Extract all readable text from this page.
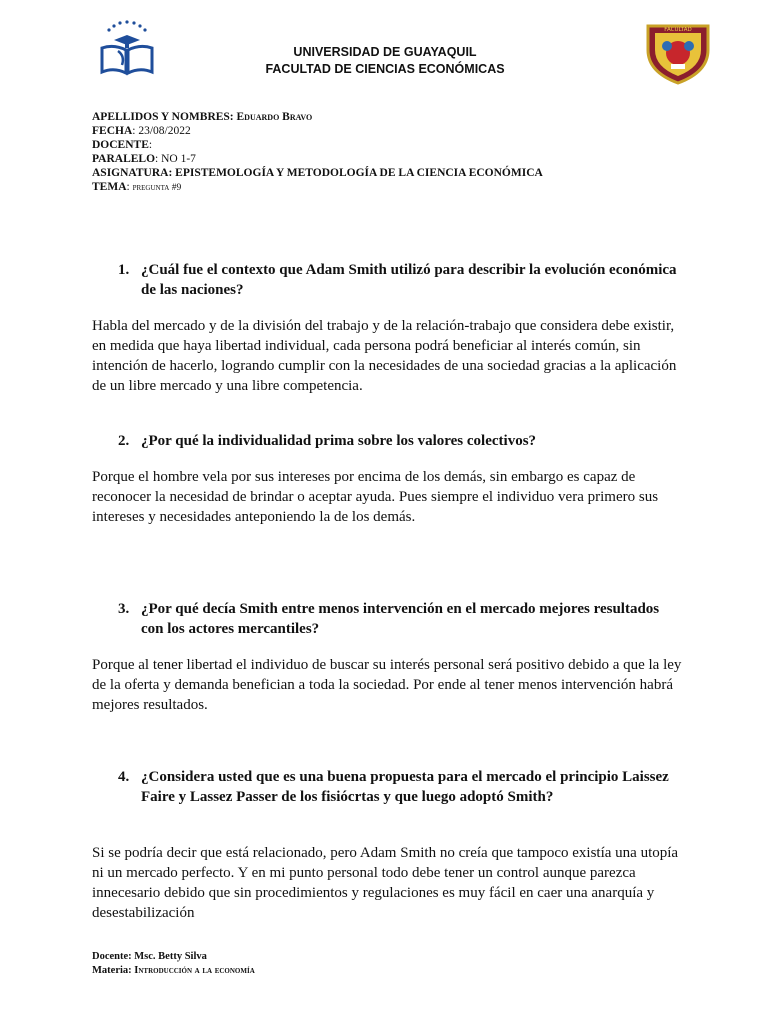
FACULTAD
UNIVERSIDAD DE GUAYAQUIL
FACULTAD DE CIENCIAS ECONÓMICAS
APELLIDOS Y NOMBRES: Eduardo Bravo
FECHA: 23/08/2022
DOCENTE:
PARALELO: NO 1-7
ASIGNATURA: EPISTEMOLOGÍA Y METODOLOGÍA DE LA CIENCIA ECONÓMICA
TEMA: pregunta #9
1. ¿Cuál fue el contexto que Adam Smith utilizó para describir la evolución económica de las naciones?
Habla del mercado y de la división del trabajo y de la relación-trabajo que considera debe existir, en medida que haya libertad individual, cada persona podrá beneficiar al interés común, sin intención de hacerlo, logrando cumplir con la necesidades de una sociedad gracias a la aplicación de un libre mercado y una libre competencia.
2. ¿Por qué la individualidad prima sobre los valores colectivos?
Porque el hombre vela por sus intereses por encima de los demás, sin embargo es capaz de reconocer la necesidad de brindar o aceptar ayuda. Pues siempre el individuo vera primero sus intereses y necesidades anteponiendo la de los demás.
3. ¿Por qué decía Smith entre menos intervención en el mercado mejores resultados con los actores mercantiles?
Porque al tener libertad el individuo de buscar su interés personal será positivo debido a que la ley de la oferta y demanda benefician a toda la sociedad. Por ende al tener menos intervención habrá mejores resultados.
4. ¿Considera usted que es una buena propuesta para el mercado el principio Laissez Faire y Lassez Passer de los fisiócrtas y que luego adoptó Smith?
Si se podría decir que está relacionado, pero Adam Smith no creía que tampoco existía una utopía ni un mercado perfecto. Y en mi punto personal todo debe tener un control aunque parezca innecesario debido que sin procedimientos y regulaciones es muy fácil en caer una anarquía y desestabilización
Docente: Msc. Betty Silva
Materia: Introducción a la economía
